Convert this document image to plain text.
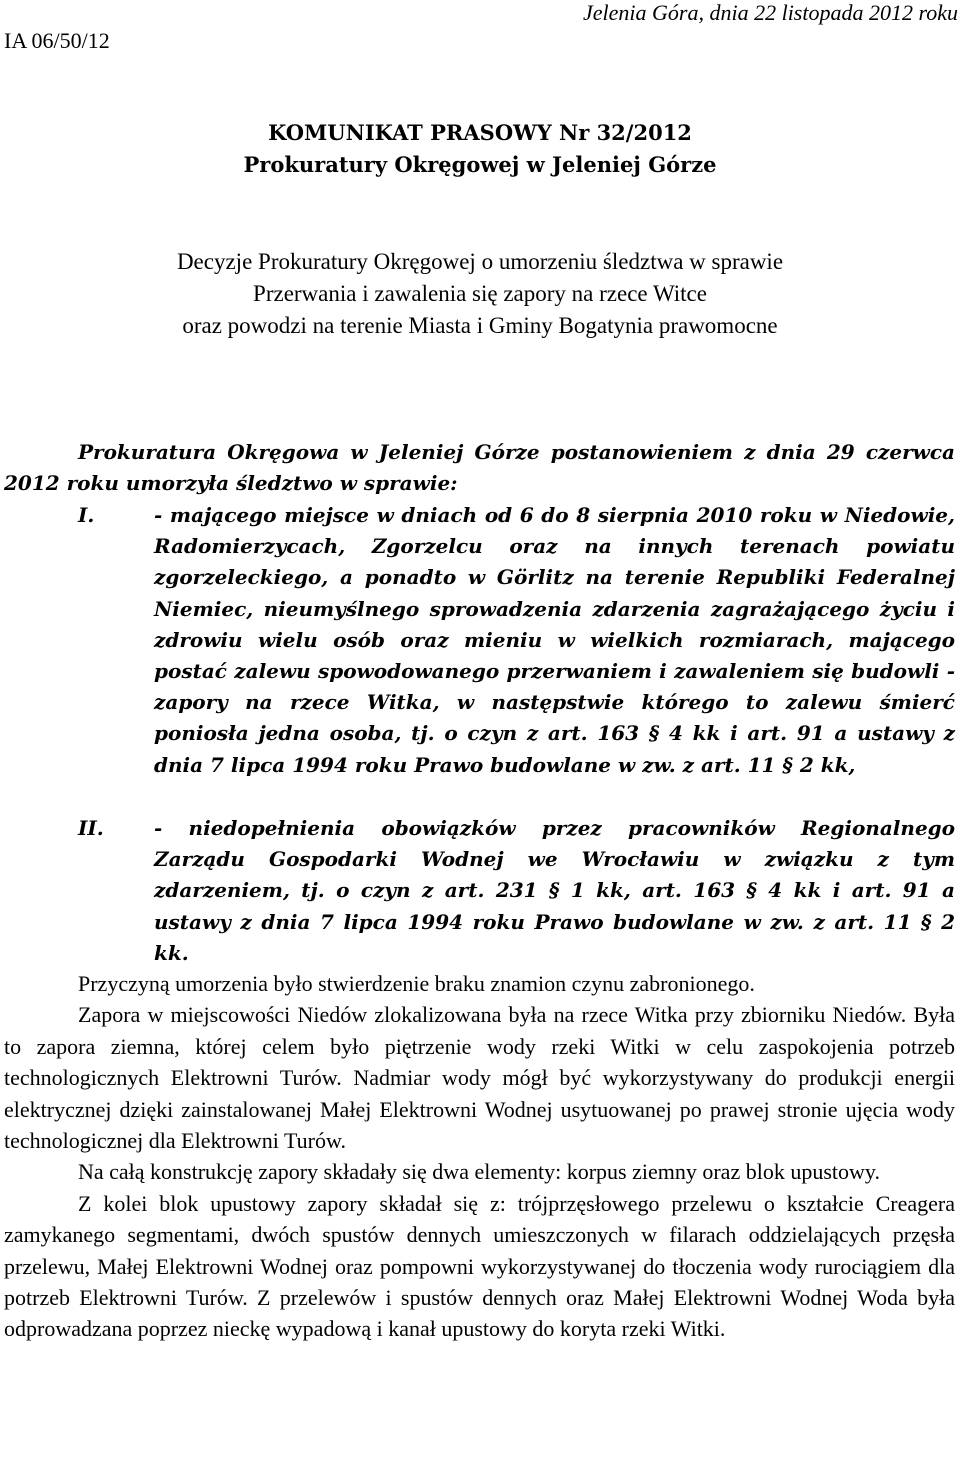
IA 06/50/12
Jelenia Góra, dnia 22 listopada 2012 roku
KOMUNIKAT PRASOWY Nr 32/2012
Prokuratury Okręgowej w Jeleniej Górze
Decyzje Prokuratury Okręgowej o umorzeniu śledztwa w sprawie
Przerwania i zawalenia się zapory na rzece Witce
oraz powodzi na terenie Miasta i Gminy Bogatynia prawomocne
Prokuratura Okręgowa w Jeleniej Górze postanowieniem z dnia 29 czerwca 2012 roku umorzyła śledztwo w sprawie:
I.	- mającego miejsce w dniach od 6 do 8 sierpnia 2010 roku w Niedowie, Radomierzycach, Zgorzelcu oraz na innych terenach powiatu zgorzeleckiego, a ponadto w Görlitz na terenie Republiki Federalnej Niemiec, nieumyślnego sprowadzenia zdarzenia zagrażającego życiu i zdrowiu wielu osób oraz mieniu w wielkich rozmiarach, mającego postać zalewu spowodowanego przerwaniem i zawaleniem się budowli - zapory na rzece Witka, w następstwie którego to zalewu śmierć poniosła jedna osoba, tj. o czyn z art. 163 § 4 kk i art. 91 a ustawy z dnia 7 lipca 1994 roku Prawo budowlane w zw. z art. 11 § 2 kk,
II.	- niedopełnienia obowiązków przez pracowników Regionalnego Zarządu Gospodarki Wodnej we Wrocławiu w związku z tym zdarzeniem, tj. o czyn z art. 231 § 1 kk, art. 163 § 4 kk i art. 91 a ustawy z dnia 7 lipca 1994 roku Prawo budowlane w zw. z art. 11 § 2 kk.

Przyczyną umorzenia było stwierdzenie braku znamion czynu zabronionego.

Zapora w miejscowości Niedów zlokalizowana była na rzece Witka przy zbiorniku Niedów. Była to zapora ziemna, której celem było piętrzenie wody rzeki Witki w celu zaspokojenia potrzeb technologicznych Elektrowni Turów. Nadmiar wody mógł być wykorzystywany do produkcji energii elektrycznej dzięki zainstalowanej Małej Elektrowni Wodnej usytuowanej po prawej stronie ujęcia wody technologicznej dla Elektrowni Turów.

Na całą konstrukcję zapory składały się dwa elementy: korpus ziemny oraz blok upustowy.

Z kolei blok upustowy zapory składał się z: trójprzęsłowego przelewu o kształcie Creagera zamykanego segmentami, dwóch spustów dennych umieszczonych w filarach oddzielających przęsła przelewu, Małej Elektrowni Wodnej oraz pompowni wykorzystywanej do tłoczenia wody rurociągiem dla potrzeb Elektrowni Turów. Z przelewów i spustów dennych oraz Małej Elektrowni Wodnej Woda była odprowadzana poprzez nieckę wypadową i kanał upustowy do koryta rzeki Witki.
